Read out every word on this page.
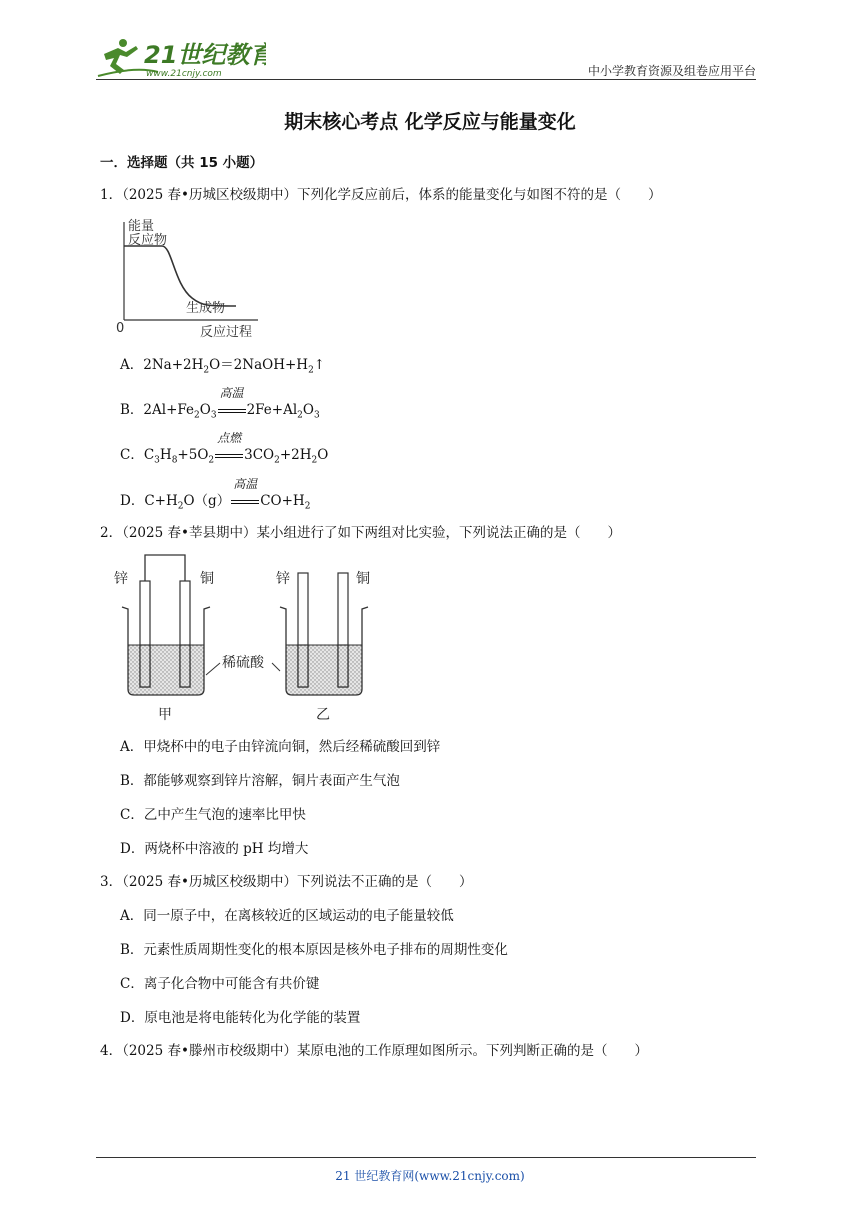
21世纪教育
www.21cnjy.com	中小学教育资源及组卷应用平台
期末核心考点 化学反应与能量变化
一．选择题（共 15 小题）
1．（2025 春•历城区校级期中）下列化学反应前后，体系的能量变化与如图不符的是（　　）
能量
反应物
生成物
0	反应过程
A．$2Na+2H_2O=2NaOH+H_2↑$
B．$2Al+Fe_2O_3$
高温
$2Fe+Al_2O_3$
C．$C_3H_8+5O_2$
点燃
$3CO_2+2H_2O$
D．$C+H_2O(g)$
高温
$CO+H_2$
2．（2025 春•莘县期中）某小组进行了如下两组对比实验，下列说法正确的是（　　）
锌	铜	锌	铜
稀硫酸
甲	乙
A．甲烧杯中的电子由锌流向铜，然后经稀硫酸回到锌
B．都能够观察到锌片溶解，铜片表面产生气泡
C．乙中产生气泡的速率比甲快
D．两烧杯中溶液的 pH 均增大
3．（2025 春•历城区校级期中）下列说法不正确的是（　　）
A．同一原子中，在离核较近的区域运动的电子能量较低
B．元素性质周期性变化的根本原因是核外电子排布的周期性变化
C．离子化合物中可能含有共价键
D．原电池是将电能转化为化学能的装置
4．（2025 春•滕州市校级期中）某原电池的工作原理如图所示。下列判断正确的是（　　）
21 世纪教育网(www.21cnjy.com)
